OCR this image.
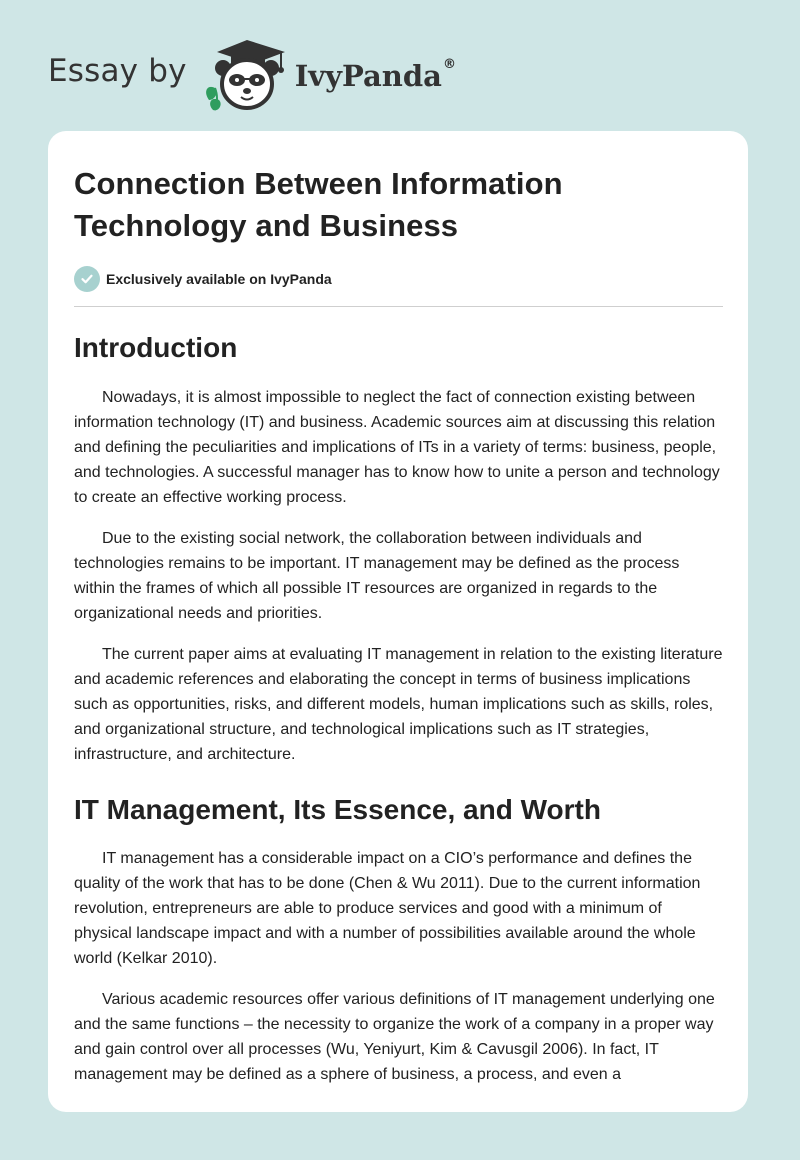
Essay by	IvyPanda®
Connection Between Information
Technology and Business
Exclusively available on IvyPanda
Introduction

Nowadays, it is almost impossible to neglect the fact of connection existing between information technology (IT) and business. Academic sources aim at discussing this relation and defining the peculiarities and implications of ITs in a variety of terms: business, people, and technologies. A successful manager has to know how to unite a person and technology to create an effective working process.

Due to the existing social network, the collaboration between individuals and technologies remains to be important. IT management may be defined as the process within the frames of which all possible IT resources are organized in regards to the organizational needs and priorities.

The current paper aims at evaluating IT management in relation to the existing literature and academic references and elaborating the concept in terms of business implications such as opportunities, risks, and different models, human implications such as skills, roles, and organizational structure, and technological implications such as IT strategies, infrastructure, and architecture.

IT Management, Its Essence, and Worth

IT management has a considerable impact on a CIO’s performance and defines the quality of the work that has to be done (Chen & Wu 2011). Due to the current information revolution, entrepreneurs are able to produce services and good with a minimum of physical landscape impact and with a number of possibilities available around the whole world (Kelkar 2010).

Various academic resources offer various definitions of IT management underlying one and the same functions – the necessity to organize the work of a company in a proper way and gain control over all processes (Wu, Yeniyurt, Kim & Cavusgil 2006). In fact, IT management may be defined as a sphere of business, a process, and even a
